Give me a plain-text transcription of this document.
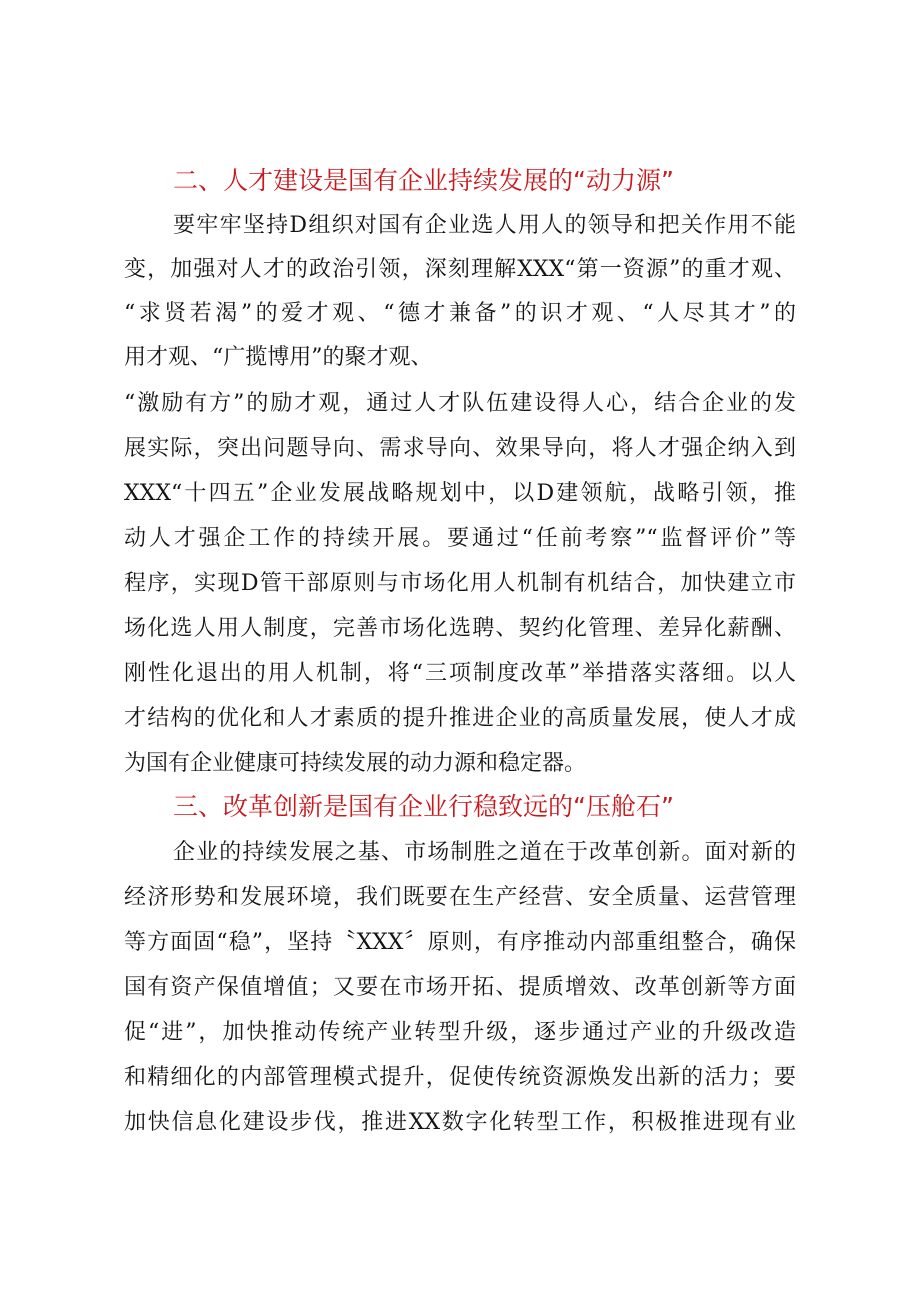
二、人才建设是国有企业持续发展的“动力源”
要牢牢坚持D组织对国有企业选人用人的领导和把关作用不能
变，加强对人才的政治引领，深刻理解XXX“第一资源”的重才观、
“求贤若渴”的爱才观、“德才兼备”的识才观、“人尽其才”的
用才观、“广揽博用”的聚才观、
“激励有方”的励才观，通过人才队伍建设得人心，结合企业的发
展实际，突出问题导向、需求导向、效果导向，将人才强企纳入到
XXX“十四五”企业发展战略规划中，以D建领航，战略引领，推
动人才强企工作的持续开展。要通过“任前考察”“监督评价”等
程序，实现D管干部原则与市场化用人机制有机结合，加快建立市
场化选人用人制度，完善市场化选聘、契约化管理、差异化薪酬、
刚性化退出的用人机制，将“三项制度改革”举措落实落细。以人
才结构的优化和人才素质的提升推进企业的高质量发展，使人才成
为国有企业健康可持续发展的动力源和稳定器。
三、改革创新是国有企业行稳致远的“压舱石”
企业的持续发展之基、市场制胜之道在于改革创新。面对新的
经济形势和发展环境，我们既要在生产经营、安全质量、运营管理
等方面固“稳”，坚持〝XXX〞原则，有序推动内部重组整合，确保
国有资产保值增值；又要在市场开拓、提质增效、改革创新等方面
促“进”，加快推动传统产业转型升级，逐步通过产业的升级改造
和精细化的内部管理模式提升，促使传统资源焕发出新的活力；要
加快信息化建设步伐，推进XX数字化转型工作，积极推进现有业
